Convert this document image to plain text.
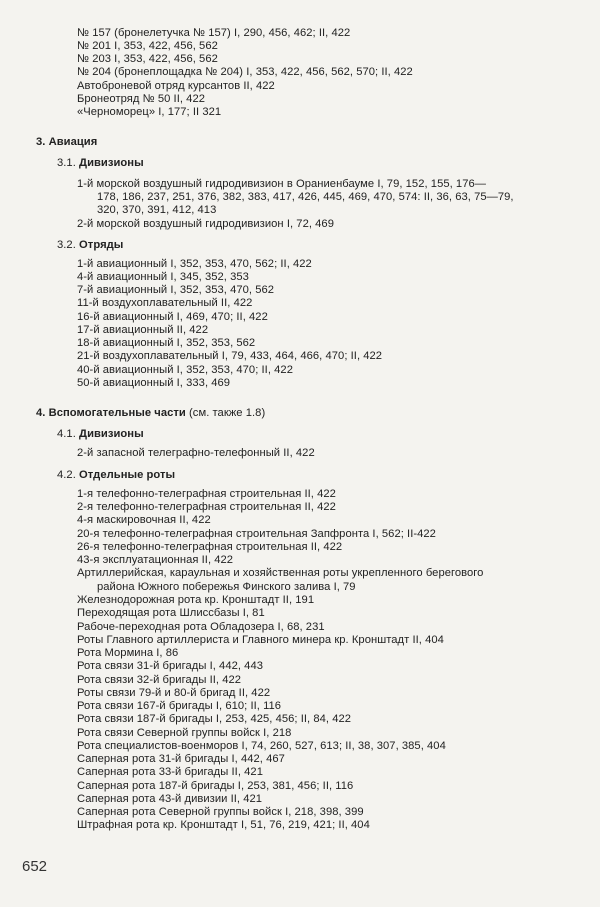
№ 157 (бронелетучка № 157) I, 290, 456, 462; II, 422
№ 201 I, 353, 422, 456, 562
№ 203 I, 353, 422, 456, 562
№ 204 (бронеплощадка № 204) I, 353, 422, 456, 562, 570; II, 422
Автоброневой отряд курсантов II, 422
Бронеотряд № 50 II, 422
«Черноморец» I, 177; II 321
3. Авиация
3.1. Дивизионы
1-й морской воздушный гидродивизион в Ораниенбауме I, 79, 152, 155, 176—
178, 186, 237, 251, 376, 382, 383, 417, 426, 445, 469, 470, 574: II, 36, 63, 75—79,
320, 370, 391, 412, 413
2-й морской воздушный гидродивизион I, 72, 469
3.2. Отряды
1-й авиационный I, 352, 353, 470, 562; II, 422
4-й авиационный I, 345, 352, 353
7-й авиационный I, 352, 353, 470, 562
11-й воздухоплавательный II, 422
16-й авиационный I, 469, 470; II, 422
17-й авиационный II, 422
18-й авиационный I, 352, 353, 562
21-й воздухоплавательный I, 79, 433, 464, 466, 470; II, 422
40-й авиационный I, 352, 353, 470; II, 422
50-й авиационный I, 333, 469
4. Вспомогательные части (см. также 1.8)
4.1. Дивизионы
2-й запасной телеграфно-телефонный II, 422
4.2. Отдельные роты
1-я телефонно-телеграфная строительная II, 422
2-я телефонно-телеграфная строительная II, 422
4-я маскировочная II, 422
20-я телефонно-телеграфная строительная Запфронта I, 562; II-422
26-я телефонно-телеграфная строительная II, 422
43-я эксплуатационная II, 422
Артиллерийская, караульная и хозяйственная роты укрепленного берегового
района Южного побережья Финского залива I, 79
Железнодорожная рота кр. Кронштадт II, 191
Переходящая рота Шлиссбазы I, 81
Рабоче-переходная рота Обладозера I, 68, 231
Роты Главного артиллериста и Главного минера кр. Кронштадт II, 404
Рота Мормина I, 86
Рота связи 31-й бригады I, 442, 443
Рота связи 32-й бригады II, 422
Роты связи 79-й и 80-й бригад II, 422
Рота связи 167-й бригады I, 610; II, 116
Рота связи 187-й бригады I, 253, 425, 456; II, 84, 422
Рота связи Северной группы войск I, 218
Рота специалистов-военморов I, 74, 260, 527, 613; II, 38, 307, 385, 404
Саперная рота 31-й бригады I, 442, 467
Саперная рота 33-й бригады II, 421
Саперная рота 187-й бригады I, 253, 381, 456; II, 116
Саперная рота 43-й дивизии II, 421
Саперная рота Северной группы войск I, 218, 398, 399
Штрафная рота кр. Кронштадт I, 51, 76, 219, 421; II, 404
652
